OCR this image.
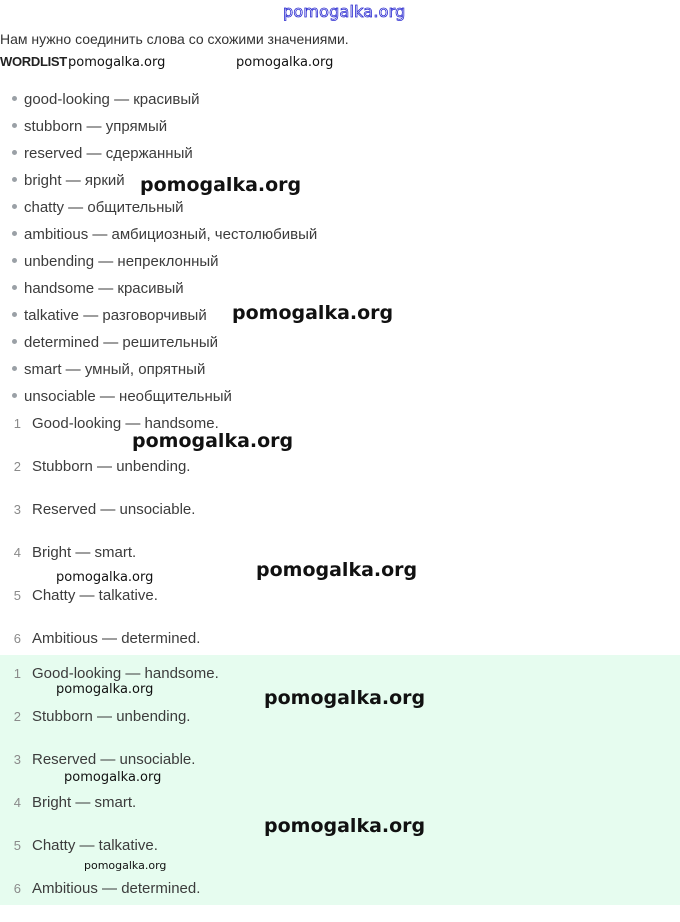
pomogalka.org
Нам нужно соединить слова со схожими значениями.
WORDLIST
good-looking — красивый
stubborn — упрямый
reserved — сдержанный
bright — яркий
chatty — общительный
ambitious — амбициозный, честолюбивый
unbending — непреклонный
handsome — красивый
talkative — разговорчивый
determined — решительный
smart — умный, опрятный
unsociable — необщительный
1 Good-looking — handsome.
2 Stubborn — unbending.
3 Reserved — unsociable.
4 Bright — smart.
5 Chatty — talkative.
6 Ambitious — determined.
1 Good-looking — handsome.
2 Stubborn — unbending.
3 Reserved — unsociable.
4 Bright — smart.
5 Chatty — talkative.
6 Ambitious — determined.
pomogalka.org	pomogalka.org
pomogalka.org
pomogalka.org
pomogalka.org
pomogalka.org	pomogalka.org
pomogalka.org	pomogalka.org
pomogalka.org
pomogalka.org
pomogalka.org
